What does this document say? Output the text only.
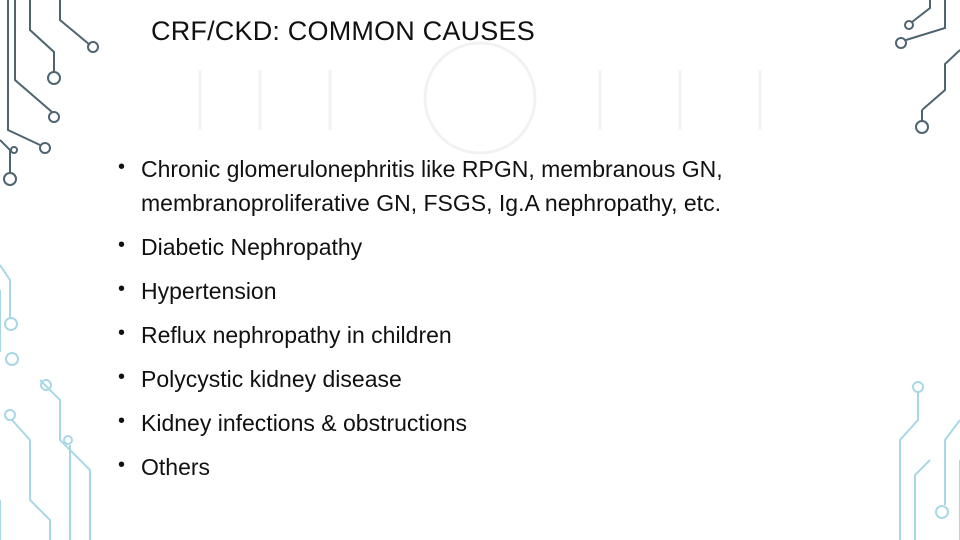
CRF/CKD: COMMON CAUSES
• Chronic glomerulonephritis like RPGN, membranous GN, membranoproliferative GN, FSGS, Ig.A nephropathy, etc.
• Diabetic Nephropathy
• Hypertension
• Reflux nephropathy in children
• Polycystic kidney disease
• Kidney infections & obstructions
• Others
